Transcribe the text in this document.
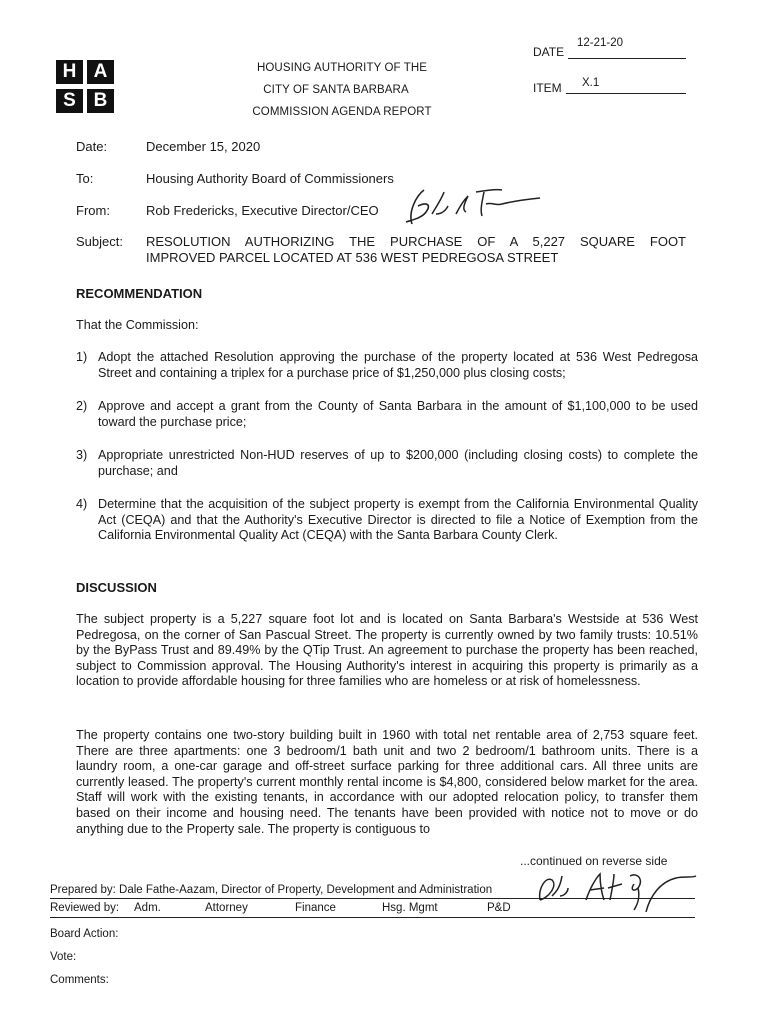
H A
S B
HOUSING AUTHORITY OF THE
CITY OF SANTA BARBARA
COMMISSION AGENDA REPORT
DATE
12-21-20
ITEM X.1
Date:	December 15, 2020
To:	Housing Authority Board of Commissioners
From:	Rob Fredericks, Executive Director/CEO
Subject: RESOLUTION AUTHORIZING THE PURCHASE OF A 5,227 SQUARE FOOT
IMPROVED PARCEL LOCATED AT 536 WEST PEDREGOSA STREET
RECOMMENDATION
That the Commission:
1) Adopt the attached Resolution approving the purchase of the property located at 536 West Pedregosa Street and containing a triplex for a purchase price of $1,250,000 plus closing costs;
2) Approve and accept a grant from the County of Santa Barbara in the amount of $1,100,000 to be used toward the purchase price;
3) Appropriate unrestricted Non-HUD reserves of up to $200,000 (including closing costs) to complete the purchase; and
4) Determine that the acquisition of the subject property is exempt from the California Environmental Quality Act (CEQA) and that the Authority's Executive Director is directed to file a Notice of Exemption from the California Environmental Quality Act (CEQA) with the Santa Barbara County Clerk.
DISCUSSION
The subject property is a 5,227 square foot lot and is located on Santa Barbara's Westside at 536 West Pedregosa, on the corner of San Pascual Street. The property is currently owned by two family trusts: 10.51% by the ByPass Trust and 89.49% by the QTip Trust. An agreement to purchase the property has been reached, subject to Commission approval. The Housing Authority's interest in acquiring this property is primarily as a location to provide affordable housing for three families who are homeless or at risk of homelessness.
The property contains one two-story building built in 1960 with total net rentable area of 2,753 square feet. There are three apartments: one 3 bedroom/1 bath unit and two 2 bedroom/1 bathroom units. There is a laundry room, a one-car garage and off-street surface parking for three additional cars. All three units are currently leased. The property's current monthly rental income is $4,800, considered below market for the area. Staff will work with the existing tenants, in accordance with our adopted relocation policy, to transfer them based on their income and housing need. The tenants have been provided with notice not to move or do anything due to the Property sale. The property is contiguous to
...continued on reverse side
Prepared by: Dale Fathe-Aazam, Director of Property, Development and Administration
Reviewed by: Adm.	Attorney	Finance	Hsg. Mgmt	P&D
Board Action:
Vote:
Comments:
